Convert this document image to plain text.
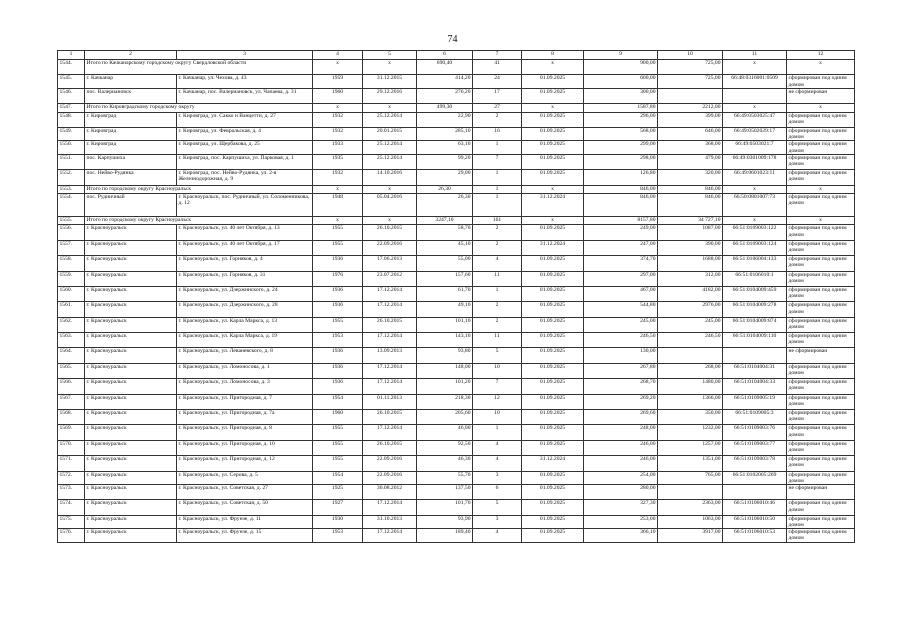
74
1	2	3	4	5	6	7	8	9	10	11	12
1544.	Итого по Качканарскому городскому округу Свердловской области		x	x	690,40	41	x	900,00	725,00	x	x
1545.	г. Качканар	г. Качканар, ул. Чехова, д. 43	1959	31.12.2015	414,20	24	01.09.2025	600,00	725,00	66:48:0316001:0509	сформирован под одним домом
1546.	пос. Валериановск	г. Качканар, пос. Валериановск, ул. Чапаева, д. 31	1960	29.12.2016	276,20	17	01.09.2025	300,00			не сформирован
1547.	Итого по Кировградскому городскому округу		x	x	499,30	27	x	1587,80	2212,00	x	x
1548.	г. Кировград	г. Кировград, ул. Сакко и Ванцетти, д. 27	1932	25.12.2014	22,90	2	01.09.2025	296,00	399,00	66:49:0503025:47	сформирован под одним домом
1549.	г. Кировград	г. Кировград, ул. Февральская, д. 4	1932	20.01.2015	285,10	16	01.09.2025	568,00	646,00	66:49:0502029:17	сформирован под одним домом
1550.	г. Кировград	г. Кировград, ул. Щербакова, д. 25	1933	25.12.2014	63,10	1	01.09.2025	299,00	368,00	66:49:0503021:7	сформирован под одним домом
1551.	пос. Карпушиха	г. Кировград, пос. Карпушиха, ул. Парковая, д. 1	1935	25.12.2014	99,20	7	01.09.2025	298,00	479,00	66:49:0301009:178	сформирован под одним домом
1552.	пос. Нейво-Рудянка	г. Кировград, пос. Нейво-Рудянка, ул. 2-я Железнодорожная, д. 9	1932	14.10.2016	29,00	1	01.09.2025	126,80	320,00	66:49:0601023:11	сформирован под одним домом
1553.	Итого по городскому округу Красноуральск		x	x	26,30	1	x	846,00	846,00	x	x
1554.	пос. Рудничный	г. Красноуральск, пос. Рудничный, ул. Соломенникова, д. 12	1948	05.04.2016	26,30	1	31.12.2024	846,00	846,00	66:50:0801007:73	сформирован под одним домом
1555.	Итого по городскому округу Красноуральск		x	x	3247,10	161	x	8157,80	34 727,10	x	x
1556.	г. Красноуральск	г. Красноуральск, ул. 40 лет Октября, д. 13	1955	26.10.2015	58,70	2	01.09.2025	249,00	1087,00	66:51:0109003:122	сформирован под одним домом
1557.	г. Красноуральск	г. Красноуральск, ул. 40 лет Октября, д. 17	1955	22.09.2016	45,10	2	31.12.2024	247,00	390,00	66:51:0109003:124	сформирован под одним домом
1558.	г. Красноуральск	г. Красноуральск, ул. Горняков, д. 4	1936	17.06.2013	55,00	4	01.09.2025	374,70	1688,00	66:51:0106004:133	сформирован под одним домом
1559.	г. Красноуральск	г. Красноуральск, ул. Горняков, д. 31	1976	23.07.2012	157,60	11	01.09.2025	297,00	312,00	66:51:0106010:1	сформирован под одним домом
1560.	г. Красноуральск	г. Красноуральск, ул. Дзержинского, д. 24	1936	17.12.2014	61,70	1	01.09.2025	467,00	4182,00	66:51:0104009:459	сформирован под одним домом
1561.	г. Красноуральск	г. Красноуральск, ул. Дзержинского, д. 28	1936	17.12.2014	49,10	2	01.09.2025	544,80	2976,00	66:51:0104009:278	сформирован под одним домом
1562.	г. Красноуральск	г. Красноуральск, ул. Карла Маркса, д. 13	1955	26.10.2015	101,10	2	01.09.2025	245,00	245,00	66:51:0104009:874	сформирован под одним домом
1563.	г. Красноуральск	г. Красноуральск, ул. Карла Маркса, д. 19	1953	17.12.2014	143,10	11	01.09.2025	246,50	246,50	66:51:0104009:110	сформирован под одним домом
1564.	г. Красноуральск	г. Красноуральск, ул. Леваневского, д. 8	1936	13.09.2013	93,80	5	01.09.2025	130,00			не сформирован
1565.	г. Красноуральск	г. Красноуральск, ул. Ломоносова, д. 1	1936	17.12.2014	148,00	10	01.09.2025	267,80	268,00	66:51:0104004:31	сформирован под одним домом
1566.	г. Красноуральск	г. Красноуральск, ул. Ломоносова, д. 3	1936	17.12.2014	101,20	7	01.09.2025	268,70	1480,00	66:51:0104004:33	сформирован под одним домом
1567.	г. Красноуральск	г. Красноуральск, ул. Пригородная, д. 7	1954	01.11.2013	218,30	12	01.09.2025	269,20	1366,00	66:51:0109005:19	сформирован под одним домом
1568.	г. Красноуральск	г. Красноуральск, ул. Пригородная, д. 7а	1960	26.10.2015	205,60	10	01.09.2025	269,60	350,00	66:51:0109005:3	сформирован под одним домом
1569.	г. Красноуральск	г. Красноуральск, ул. Пригородная, д. 8	1955	17.12.2014	46,00	1	01.09.2025	248,00	1232,00	66:51:0109003:76	сформирован под одним домом
1570.	г. Красноуральск	г. Красноуральск, ул. Пригородная, д. 10	1955	26.10.2015	92,50	4	01.09.2025	246,00	1257,00	66:51:0109003:77	сформирован под одним домом
1571.	г. Красноуральск	г. Красноуральск, ул. Пригородная, д. 12	1955	22.09.2016	46,30	4	31.12.2024	246,00	1351,00	66:51:0109003:78	сформирован под одним домом
1572.	г. Красноуральск	г. Красноуральск, ул. Серова, д. 5	1954	22.09.2016	55,70	3	01.09.2025	254,00	765,00	66:51:0102005:269	сформирован под одним домом
1573.	г. Красноуральск	г. Красноуральск, ул. Советская, д. 27	1925	30.08.2012	137,50	6	01.09.2025	280,00			не сформирован
1574.	г. Красноуральск	г. Красноуральск, ул. Советская, д. 50	1927	17.12.2014	101,70	5	01.09.2025	327,30	2363,00	66:51:0106010:46	сформирован под одним домом
1575.	г. Красноуральск	г. Красноуральск, ул. Фрунзе, д. 11	1930	31.10.2013	93,90	3	01.09.2025	253,00	1063,00	66:51:0106010:50	сформирован под одним домом
1576.	г. Красноуральск	г. Красноуральск, ул. Фрунзе, д. 15	1953	17.12.2014	189,40	4	01.09.2025	366,10	3917,00	66:51:0106010:53	сформирован под одним домом
